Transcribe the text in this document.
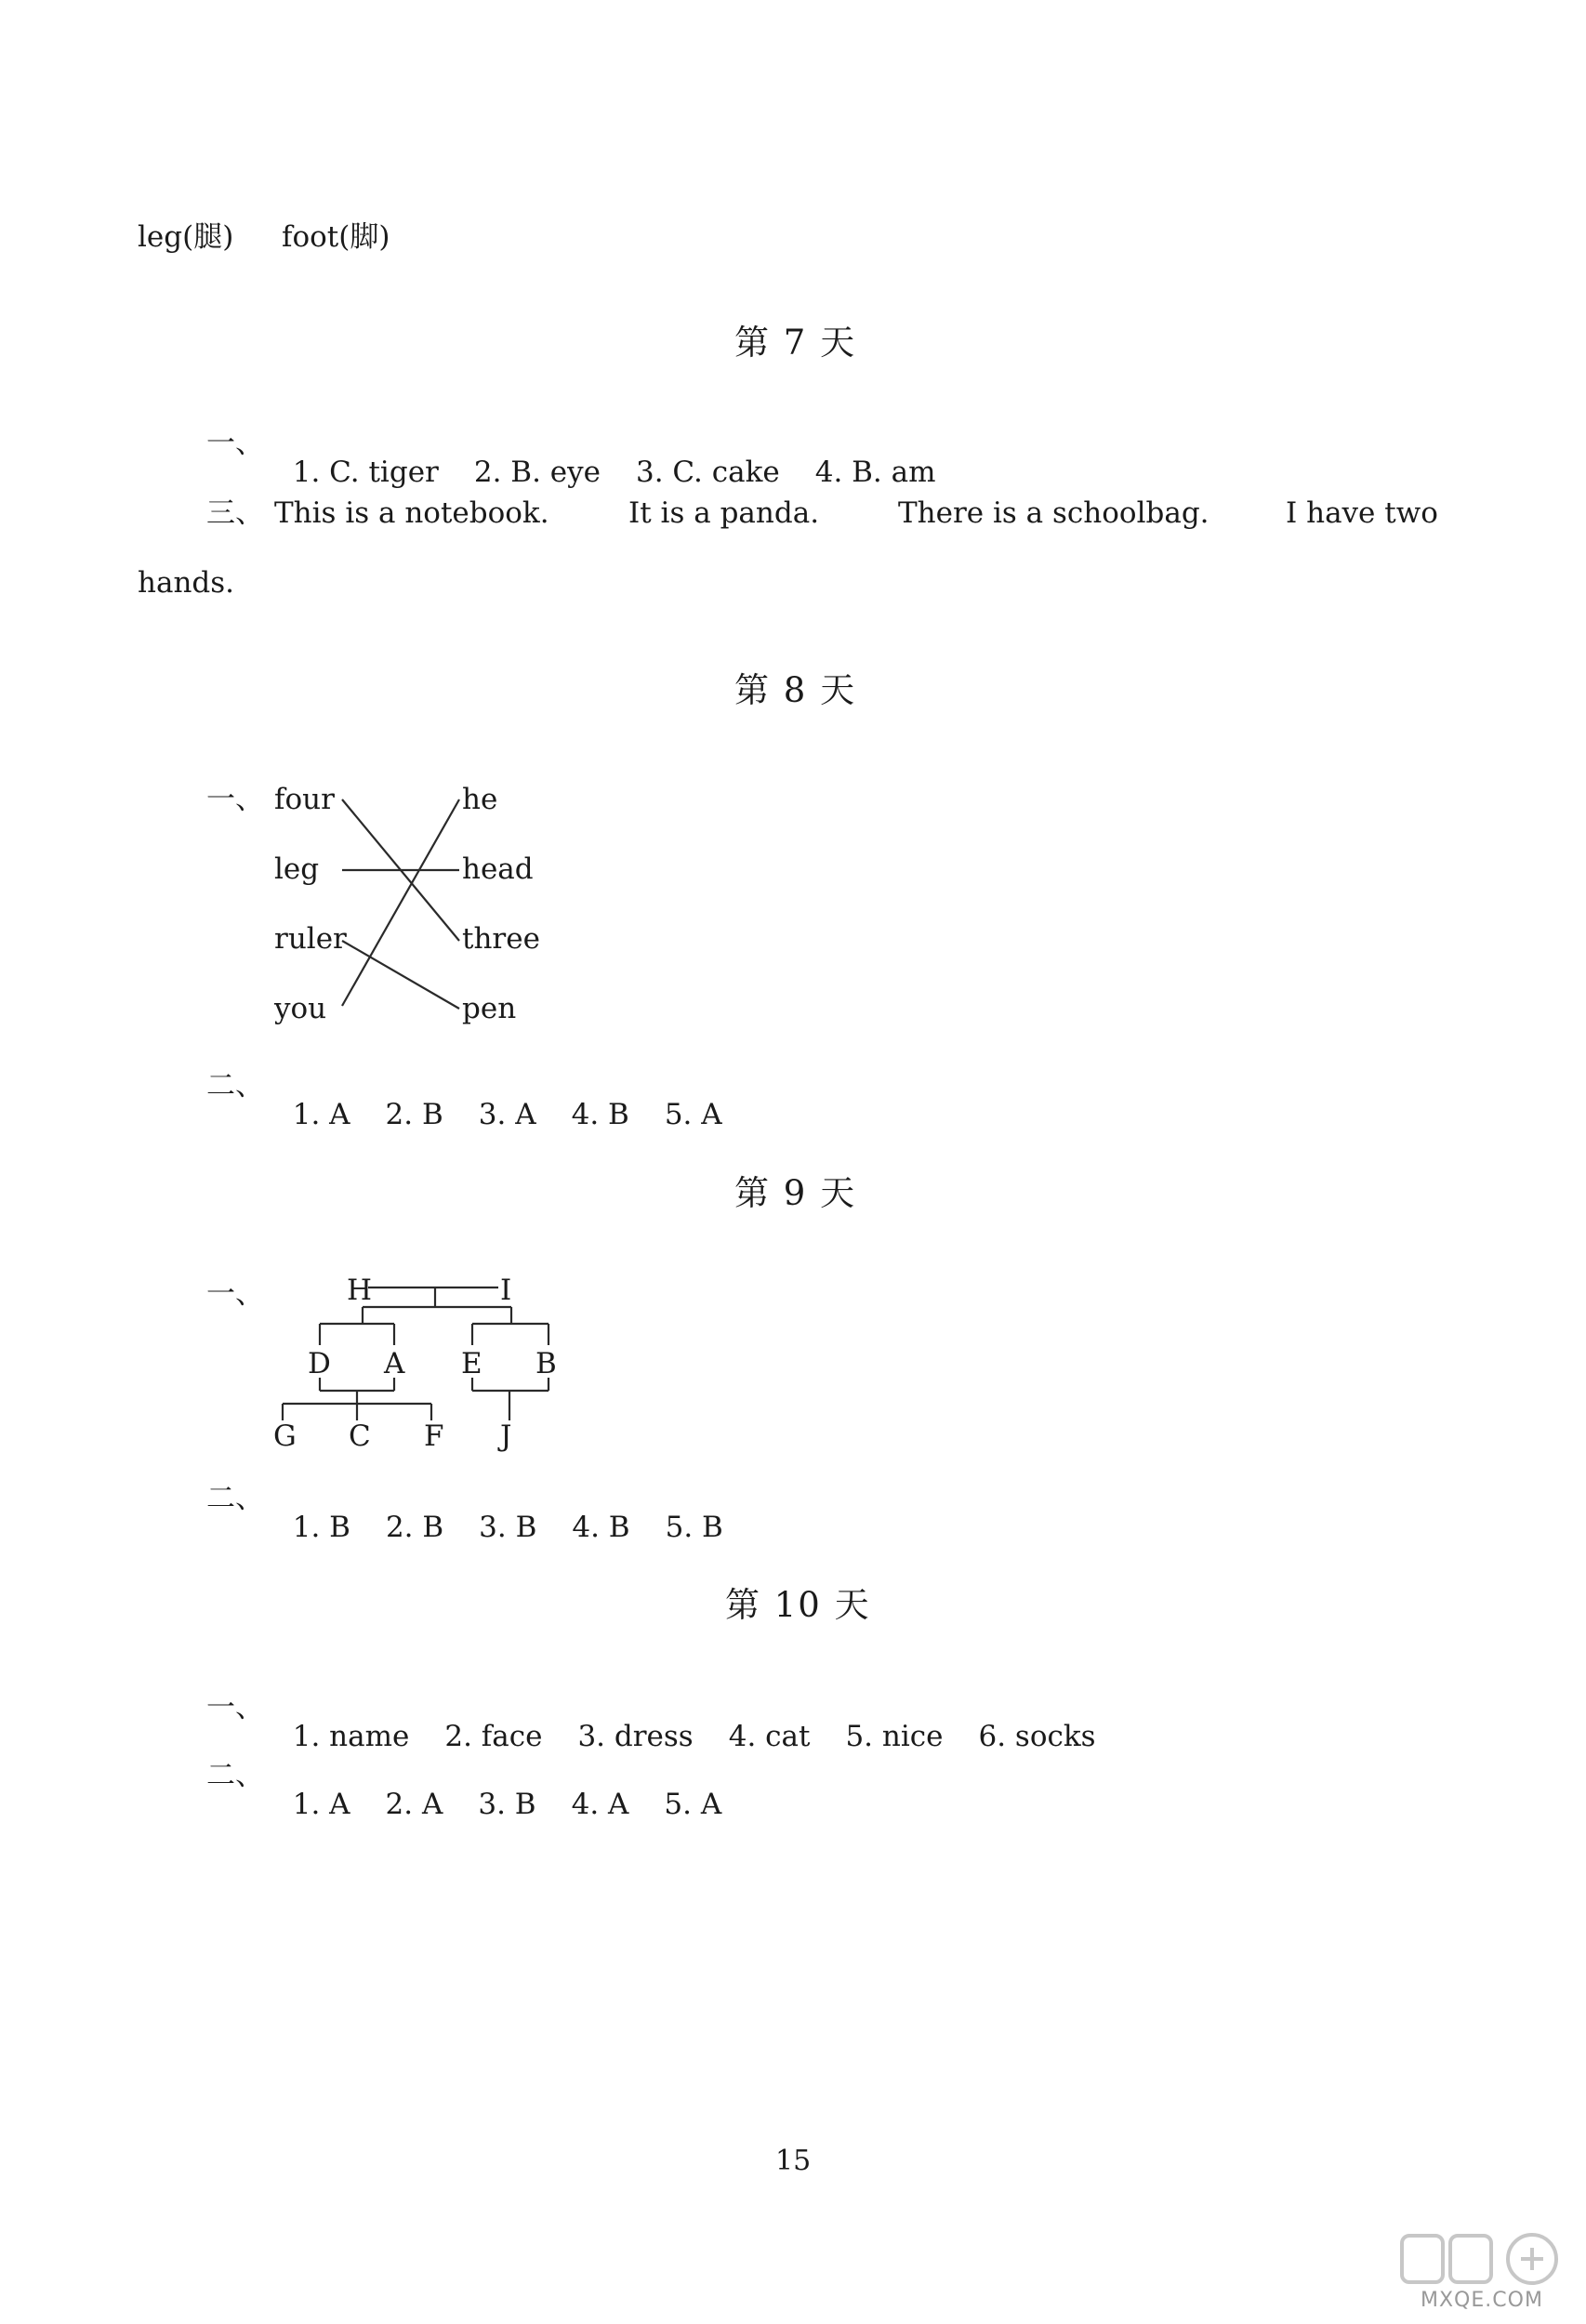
leg(腿) foot(脚)
第 7 天
一、

1. C. tiger 2. B. eye 3. C. cake 4. B. am

三、 This is a notebook.	It is a panda.	There is a schoolbag.	I have two
hands.
第 8 天
一、 four
leg
ruler
you
he
head
three
pen
二、

1. A 2. B 3. A 4. B 5. A

第 9 天
一、	H	I
D A E B
G C F J
二、

1. B 2. B 3. B 4. B 5. B

第 10 天
一、

1. name 2. face 3. dress 4. cat 5. nice 6. socks

二、

1. A 2. A 3. B 4. A 5. A

15
MXQE.COM
